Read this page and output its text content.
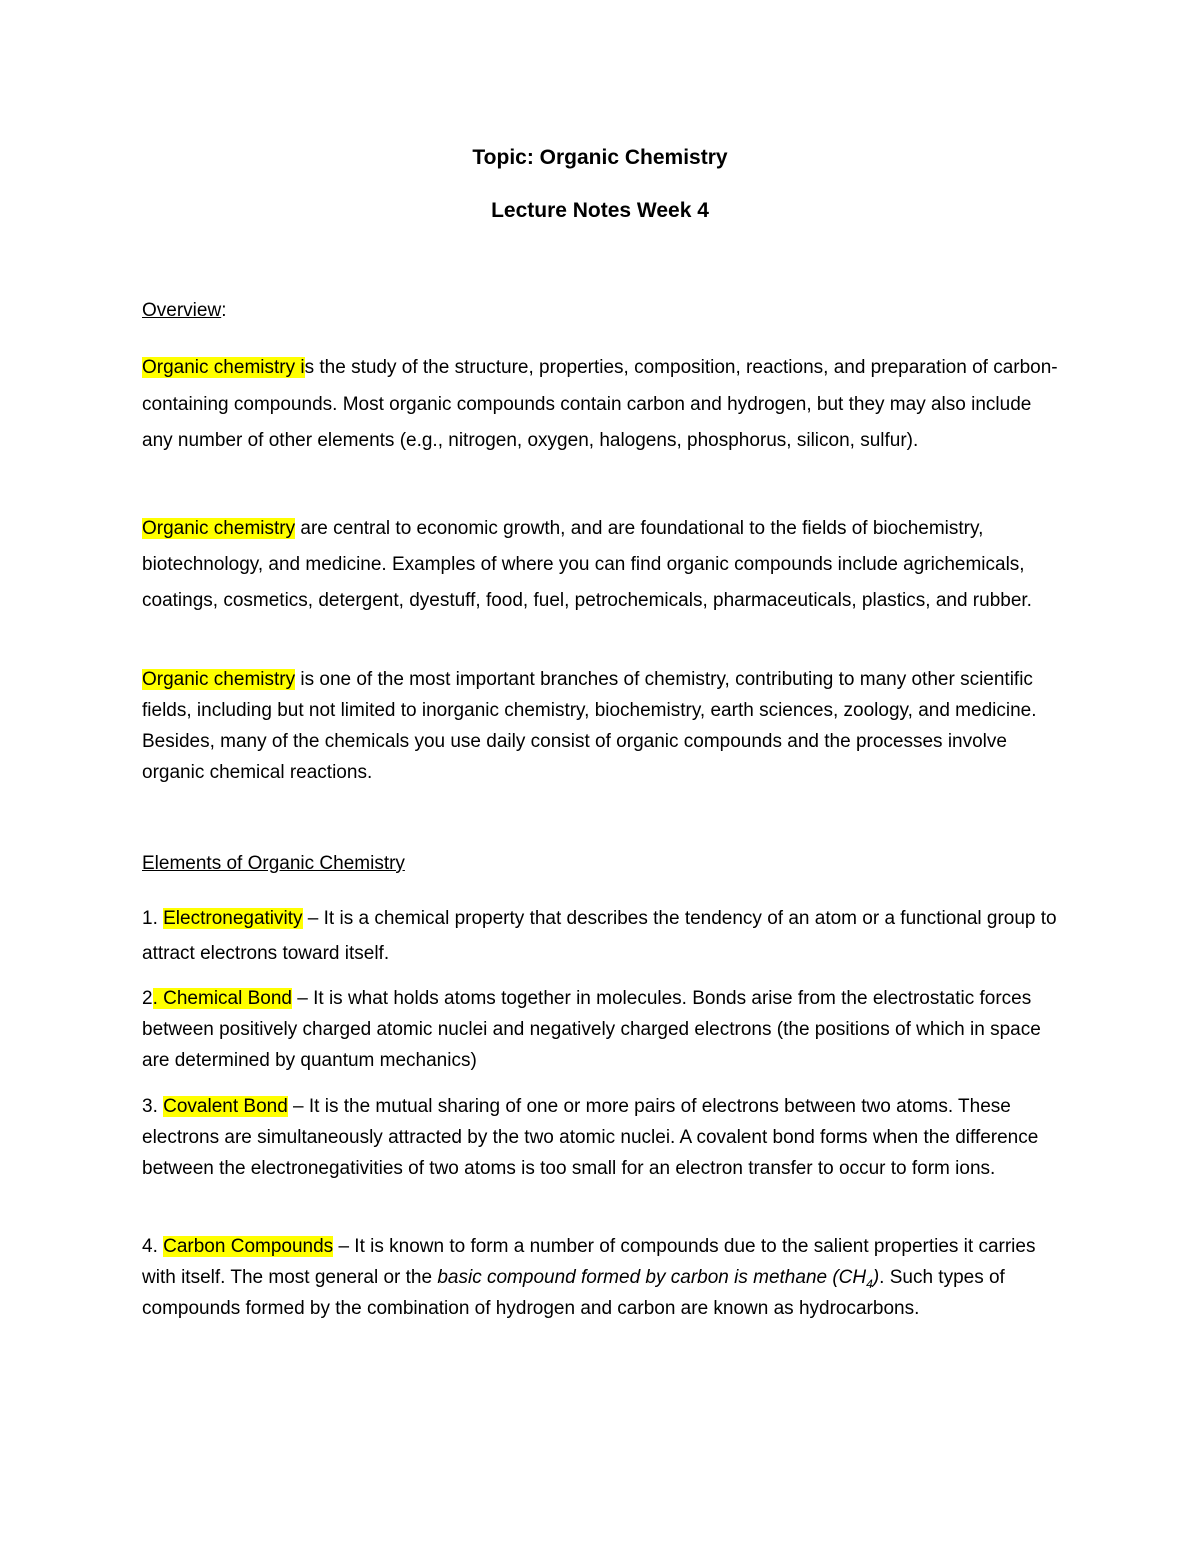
Topic: Organic Chemistry
Lecture Notes Week 4
Overview:

Organic chemistry is the study of the structure, properties, composition, reactions, and preparation of carbon-containing compounds. Most organic compounds contain carbon and hydrogen, but they may also include any number of other elements (e.g., nitrogen, oxygen, halogens, phosphorus, silicon, sulfur).

Organic chemistry are central to economic growth, and are foundational to the fields of biochemistry, biotechnology, and medicine. Examples of where you can find organic compounds include agrichemicals, coatings, cosmetics, detergent, dyestuff, food, fuel, petrochemicals, pharmaceuticals, plastics, and rubber.

Organic chemistry is one of the most important branches of chemistry, contributing to many other scientific fields, including but not limited to inorganic chemistry, biochemistry, earth sciences, zoology, and medicine. Besides, many of the chemicals you use daily consist of organic compounds and the processes involve organic chemical reactions.

Elements of Organic Chemistry

1. Electronegativity – It is a chemical property that describes the tendency of an atom or a functional group to attract electrons toward itself.

2. Chemical Bond – It is what holds atoms together in molecules. Bonds arise from the electrostatic forces between positively charged atomic nuclei and negatively charged electrons (the positions of which in space are determined by quantum mechanics)

3. Covalent Bond – It is the mutual sharing of one or more pairs of electrons between two atoms. These electrons are simultaneously attracted by the two atomic nuclei. A covalent bond forms when the difference between the electronegativities of two atoms is too small for an electron transfer to occur to form ions.

4. Carbon Compounds – It is known to form a number of compounds due to the salient properties it carries with itself. The most general or the basic compound formed by carbon is methane $(CH_4)$. Such types of compounds formed by the combination of hydrogen and carbon are known as hydrocarbons.
